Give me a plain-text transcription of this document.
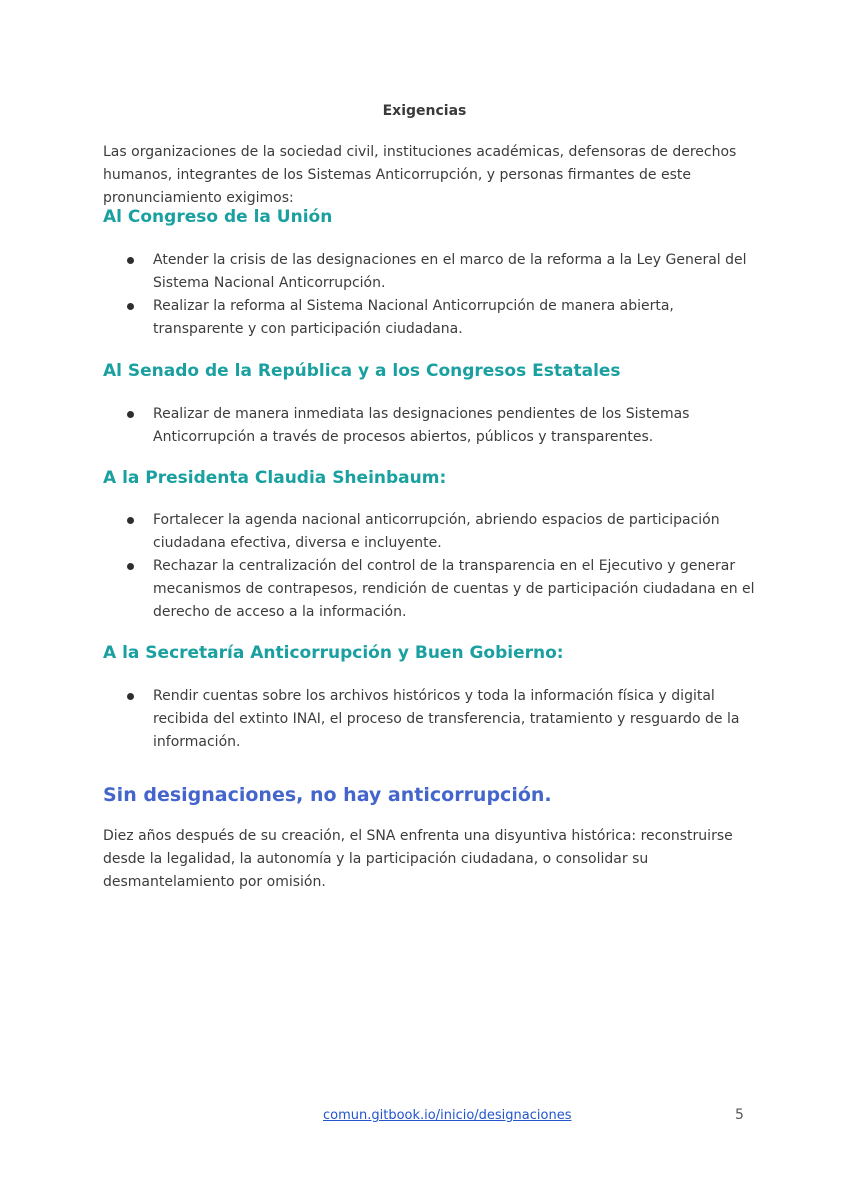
Exigencias
Las organizaciones de la sociedad civil, instituciones académicas, defensoras de derechos humanos, integrantes de los Sistemas Anticorrupción, y personas firmantes de este pronunciamiento exigimos:
Al Congreso de la Unión
Atender la crisis de las designaciones en el marco de la reforma a la Ley General del Sistema Nacional Anticorrupción.
Realizar la reforma al Sistema Nacional Anticorrupción de manera abierta, transparente y con participación ciudadana.
Al Senado de la República y a los Congresos Estatales
Realizar de manera inmediata las designaciones pendientes de los Sistemas Anticorrupción a través de procesos abiertos, públicos y transparentes.
A la Presidenta Claudia Sheinbaum:
Fortalecer la agenda nacional anticorrupción, abriendo espacios de participación ciudadana efectiva, diversa e incluyente.
Rechazar la centralización del control de la transparencia en el Ejecutivo y generar mecanismos de contrapesos, rendición de cuentas y de participación ciudadana en el derecho de acceso a la información.
A la Secretaría Anticorrupción y Buen Gobierno:
Rendir cuentas sobre los archivos históricos y toda la información física y digital recibida del extinto INAI, el proceso de transferencia, tratamiento y resguardo de la información.
Sin designaciones, no hay anticorrupción.
Diez años después de su creación, el SNA enfrenta una disyuntiva histórica: reconstruirse desde la legalidad, la autonomía y la participación ciudadana, o consolidar su desmantelamiento por omisión.
comun.gitbook.io/inicio/designaciones	5
